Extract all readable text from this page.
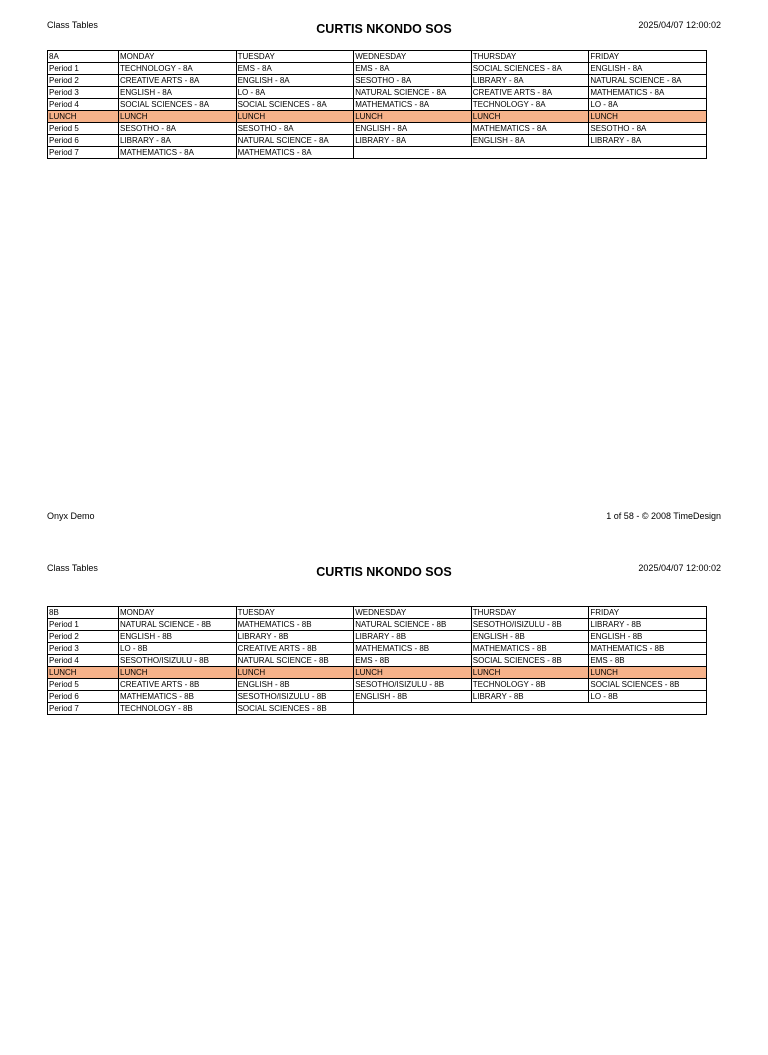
Class Tables	CURTIS NKONDO SOS	2025/04/07 12:00:02
8A	MONDAY	TUESDAY	WEDNESDAY	THURSDAY	FRIDAY
Period 1	TECHNOLOGY - 8A	EMS - 8A	EMS - 8A	SOCIAL SCIENCES - 8A	ENGLISH - 8A
Period 2	CREATIVE ARTS - 8A	ENGLISH - 8A	SESOTHO - 8A	LIBRARY - 8A	NATURAL SCIENCE - 8A
Period 3	ENGLISH - 8A	LO - 8A	NATURAL SCIENCE - 8A	CREATIVE ARTS - 8A	MATHEMATICS - 8A
Period 4	SOCIAL SCIENCES - 8A	SOCIAL SCIENCES - 8A	MATHEMATICS - 8A	TECHNOLOGY - 8A	LO - 8A
LUNCH	LUNCH	LUNCH	LUNCH	LUNCH	LUNCH
Period 5	SESOTHO - 8A	SESOTHO - 8A	ENGLISH - 8A	MATHEMATICS - 8A	SESOTHO - 8A
Period 6	LIBRARY - 8A	NATURAL SCIENCE - 8A	LIBRARY - 8A	ENGLISH - 8A	LIBRARY - 8A
Period 7	MATHEMATICS - 8A	MATHEMATICS - 8A			
Onyx Demo	1 of 58 - © 2008 TimeDesign
Class Tables	CURTIS NKONDO SOS	2025/04/07 12:00:02
8B	MONDAY	TUESDAY	WEDNESDAY	THURSDAY	FRIDAY
Period 1	NATURAL SCIENCE - 8B	MATHEMATICS - 8B	NATURAL SCIENCE - 8B	SESOTHO/ISIZULU - 8B	LIBRARY - 8B
Period 2	ENGLISH - 8B	LIBRARY - 8B	LIBRARY - 8B	ENGLISH - 8B	ENGLISH - 8B
Period 3	LO - 8B	CREATIVE ARTS - 8B	MATHEMATICS - 8B	MATHEMATICS - 8B	MATHEMATICS - 8B
Period 4	SESOTHO/ISIZULU - 8B	NATURAL SCIENCE - 8B	EMS - 8B	SOCIAL SCIENCES - 8B	EMS - 8B
LUNCH	LUNCH	LUNCH	LUNCH	LUNCH	LUNCH
Period 5	CREATIVE ARTS - 8B	ENGLISH - 8B	SESOTHO/ISIZULU - 8B	TECHNOLOGY - 8B	SOCIAL SCIENCES - 8B
Period 6	MATHEMATICS - 8B	SESOTHO/ISIZULU - 8B	ENGLISH - 8B	LIBRARY - 8B	LO - 8B
Period 7	TECHNOLOGY - 8B	SOCIAL SCIENCES - 8B			
